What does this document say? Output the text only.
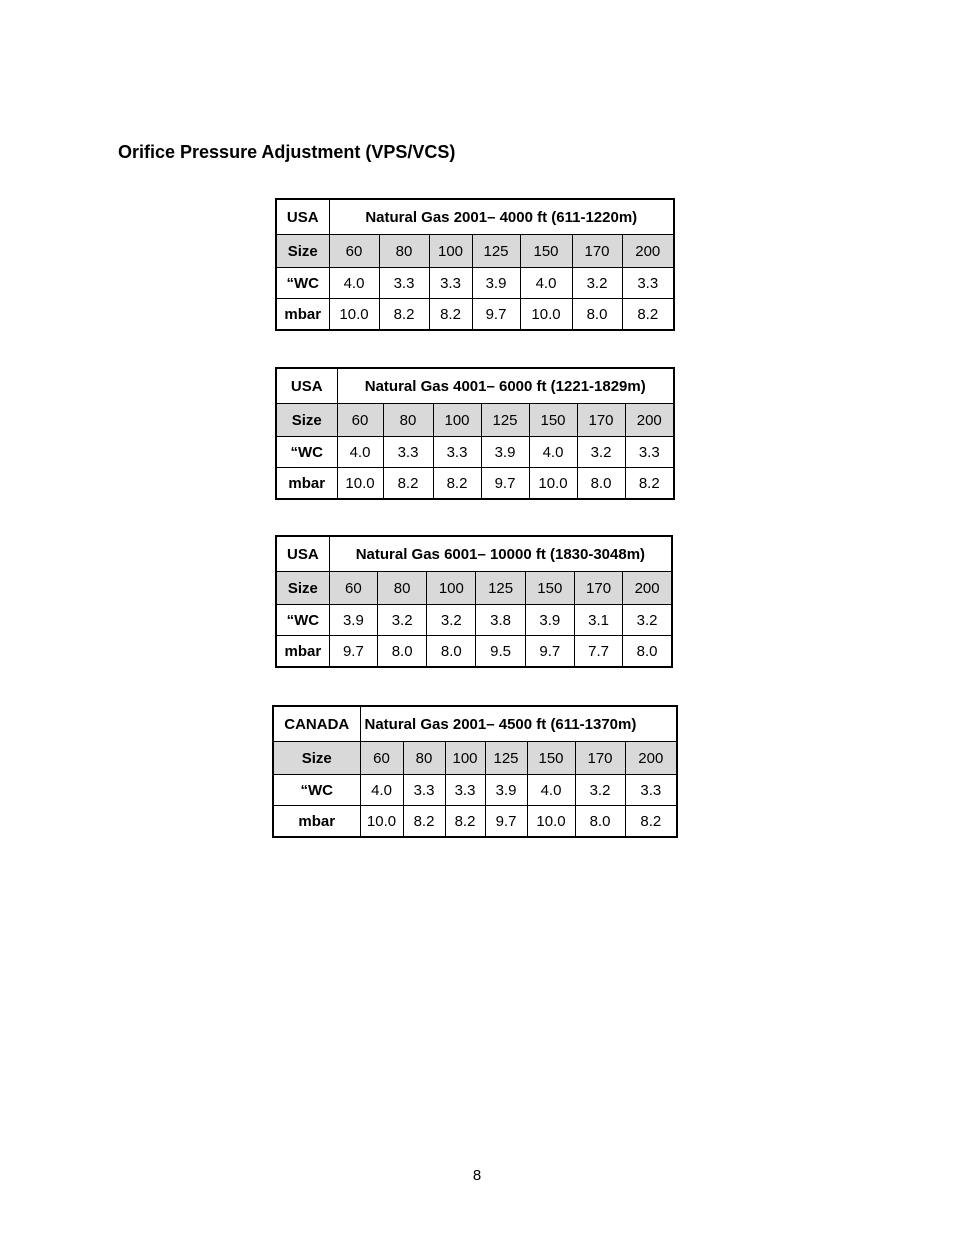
Orifice Pressure Adjustment (VPS/VCS)
USA	Natural Gas 2001– 4000 ft (611-1220m)						
Size	60	80	100	125	150	170	200
“WC	4.0	3.3	3.3	3.9	4.0	3.2	3.3
mbar	10.0	8.2	8.2	9.7	10.0	8.0	8.2
USA	Natural Gas 4001– 6000 ft (1221-1829m)						
Size	60	80	100	125	150	170	200
“WC	4.0	3.3	3.3	3.9	4.0	3.2	3.3
mbar	10.0	8.2	8.2	9.7	10.0	8.0	8.2
USA	Natural Gas 6001– 10000 ft (1830-3048m)						
Size	60	80	100	125	150	170	200
“WC	3.9	3.2	3.2	3.8	3.9	3.1	3.2
mbar	9.7	8.0	8.0	9.5	9.7	7.7	8.0
CANADA	Natural Gas 2001– 4500 ft (611-1370m)						
Size	60	80	100	125	150	170	200
“WC	4.0	3.3	3.3	3.9	4.0	3.2	3.3
mbar	10.0	8.2	8.2	9.7	10.0	8.0	8.2
8
